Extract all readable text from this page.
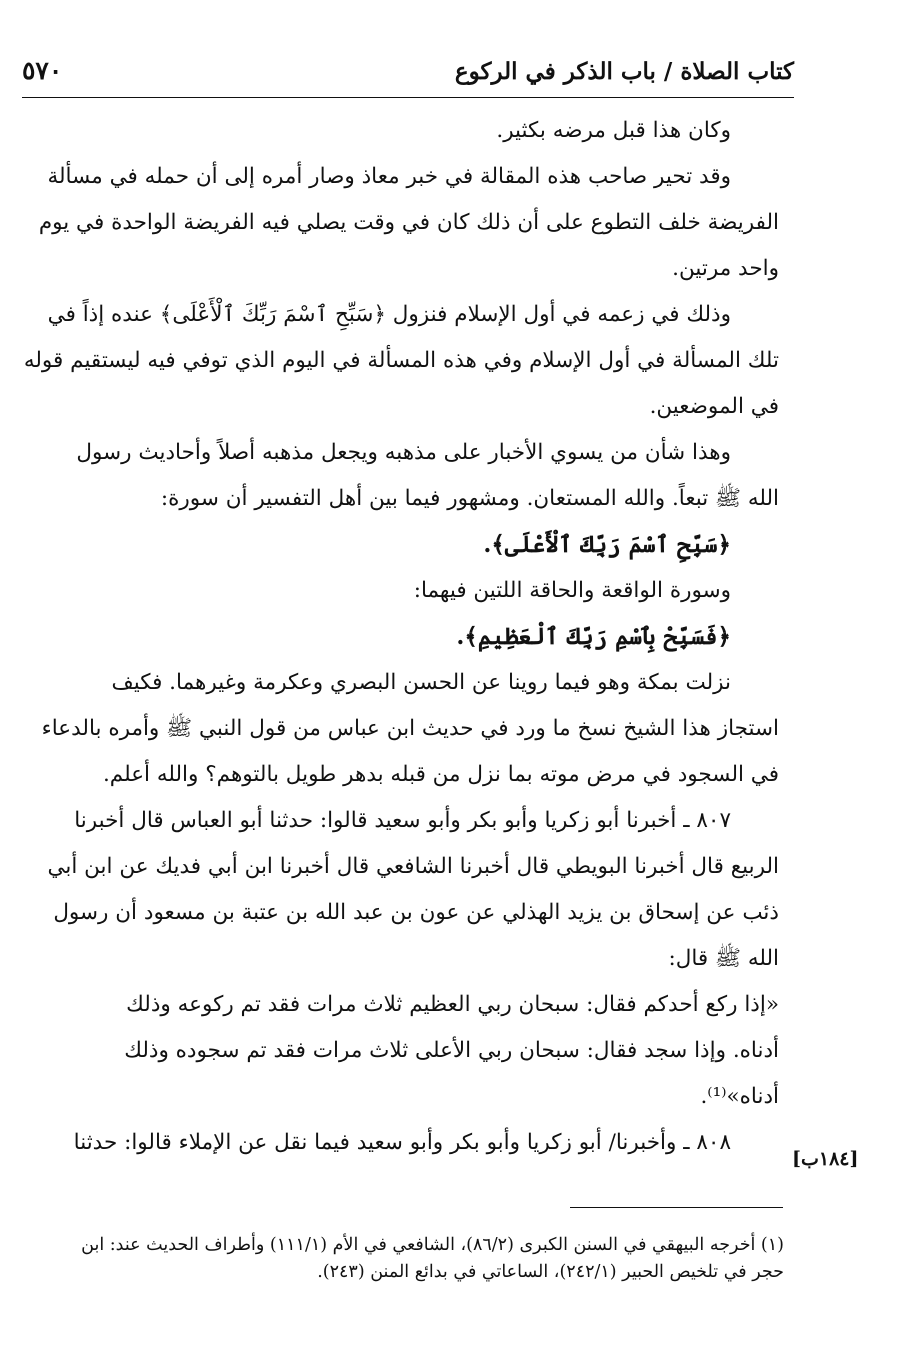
كتاب الصلاة / باب الذكر في الركوع
٥٧٠
وكان هذا قبل مرضه بكثير.
وقد تحير صاحب هذه المقالة في خبر معاذ وصار أمره إلى أن حمله في مسألة
الفريضة خلف التطوع على أن ذلك كان في وقت يصلي فيه الفريضة الواحدة في يوم
واحد مرتين.
وذلك في زعمه في أول الإسلام فنزول ﴿سَبِّحِ ٱسْمَ رَبِّكَ ٱلْأَعْلَى﴾ عنده إذاً في
تلك المسألة في أول الإسلام وفي هذه المسألة في اليوم الذي توفي فيه ليستقيم قوله
في الموضعين.
وهذا شأن من يسوي الأخبار على مذهبه ويجعل مذهبه أصلاً وأحاديث رسول
الله ﷺ تبعاً. والله المستعان. ومشهور فيما بين أهل التفسير أن سورة:
﴿سَبِّحِ ٱسْمَ رَبِّكَ ٱلْأَعْلَى﴾.
وسورة الواقعة والحاقة اللتين فيهما:
﴿فَسَبِّحْ بِٱسْمِ رَبِّكَ ٱلْعَظِيمِ﴾.
نزلت بمكة وهو فيما روينا عن الحسن البصري وعكرمة وغيرهما. فكيف
استجاز هذا الشيخ نسخ ما ورد في حديث ابن عباس من قول النبي ﷺ وأمره بالدعاء
في السجود في مرض موته بما نزل من قبله بدهر طويل بالتوهم؟ والله أعلم.
٨٠٧ ـ أخبرنا أبو زكريا وأبو بكر وأبو سعيد قالوا: حدثنا أبو العباس قال أخبرنا
الربيع قال أخبرنا البويطي قال أخبرنا الشافعي قال أخبرنا ابن أبي فديك عن ابن أبي
ذئب عن إسحاق بن يزيد الهذلي عن عون بن عبد الله بن عتبة بن مسعود أن رسول
الله ﷺ قال:
«إذا ركع أحدكم فقال: سبحان ربي العظيم ثلاث مرات فقد تم ركوعه وذلك
أدناه. وإذا سجد فقال: سبحان ربي الأعلى ثلاث مرات فقد تم سجوده وذلك
أدناه»⁽¹⁾.
٨٠٨ ـ وأخبرنا/ أبو زكريا وأبو بكر وأبو سعيد فيما نقل عن الإملاء قالوا: حدثنا
[١٨٤ب]
(١) أخرجه البيهقي في السنن الكبرى (٨٦/٢)، الشافعي في الأم (١١١/١) وأطراف الحديث عند: ابن
حجر في تلخيص الحبير (٢٤٢/١)، الساعاتي في بدائع المنن (٢٤٣).
